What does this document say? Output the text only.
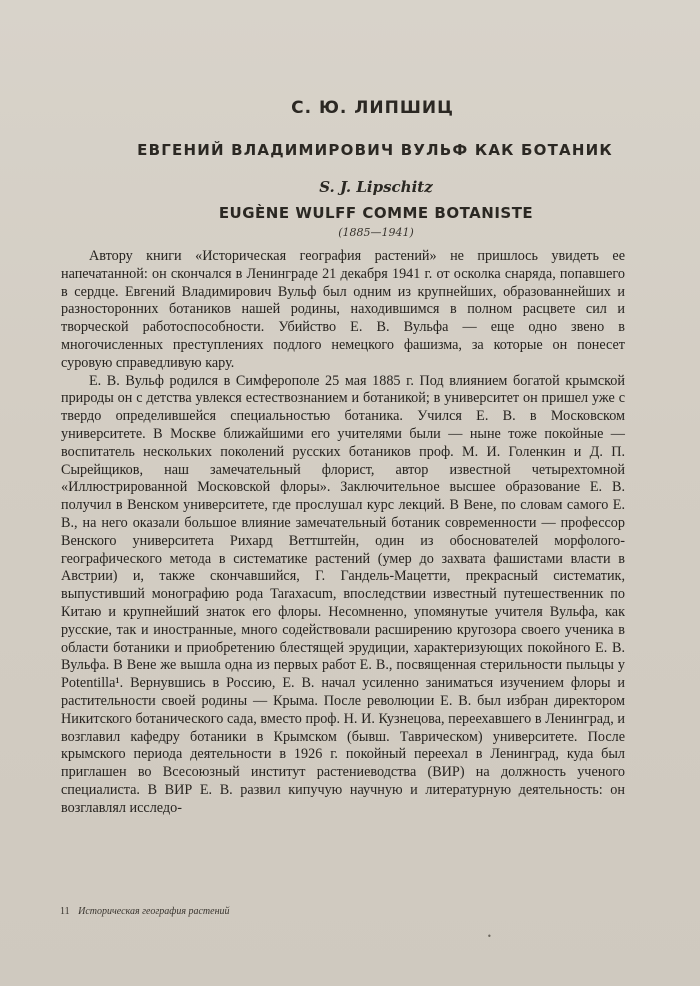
С. Ю. ЛИПШИЦ
ЕВГЕНИЙ ВЛАДИМИРОВИЧ ВУЛЬФ КАК БОТАНИК
S. J. Lipschitz
EUGÈNE WULFF COMME BOTANISTE
(1885—1941)

Автору книги «Историческая география растений» не пришлось увидеть ее напечатанной: он скончался в Ленинграде 21 декабря 1941 г. от осколка снаряда, попавшего в сердце. Евгений Владимирович Вульф был одним из крупнейших, образованнейших и разносторонних ботаников нашей родины, находившимся в полном расцвете сил и творческой работоспособности. Убийство Е. В. Вульфа — еще одно звено в многочисленных преступлениях подлого немецкого фашизма, за которые он понесет суровую справедливую кару.

Е. В. Вульф родился в Симферополе 25 мая 1885 г. Под влиянием богатой крымской природы он с детства увлекся естествознанием и ботаникой; в университет он пришел уже с твердо определившейся специальностью ботаника. Учился Е. В. в Московском университете. В Москве ближайшими его учителями были — ныне тоже покойные — воспитатель нескольких поколений русских ботаников проф. М. И. Голенкин и Д. П. Сырейщиков, наш замечательный флорист, автор известной четырехтомной «Иллюстрированной Московской флоры». Заключительное высшее образование Е. В. получил в Венском университете, где прослушал курс лекций. В Вене, по словам самого Е. В., на него оказали большое влияние замечательный ботаник современности — профессор Венского университета Рихард Веттштейн, один из обоснователей морфолого-географического метода в систематике растений (умер до захвата фашистами власти в Австрии) и, также скончавшийся, Г. Гандель-Мацетти, прекрасный систематик, выпустивший монографию рода Taraxacum, впоследствии известный путешественник по Китаю и крупнейший знаток его флоры. Несомненно, упомянутые учителя Вульфа, как русские, так и иностранные, много содействовали расширению кругозора своего ученика в области ботаники и приобретению блестящей эрудиции, характеризующих покойного Е. В. Вульфа. В Вене же вышла одна из первых работ Е. В., посвященная стерильности пыльцы у Potentilla¹. Вернувшись в Россию, Е. В. начал усиленно заниматься изучением флоры и растительности своей родины — Крыма. После революции Е. В. был избран директором Никитского ботанического сада, вместо проф. Н. И. Кузнецова, переехавшего в Ленинград, и возглавил кафедру ботаники в Крымском (бывш. Таврическом) университете. После крымского периода деятельности в 1926 г. покойный переехал в Ленинград, куда был приглашен во Всесоюзный институт растениеводства (ВИР) на должность ученого специалиста. В ВИР Е. В. развил кипучую научную и литературную деятельность: он возглавлял исследо-

11 Историческая география растений
•
